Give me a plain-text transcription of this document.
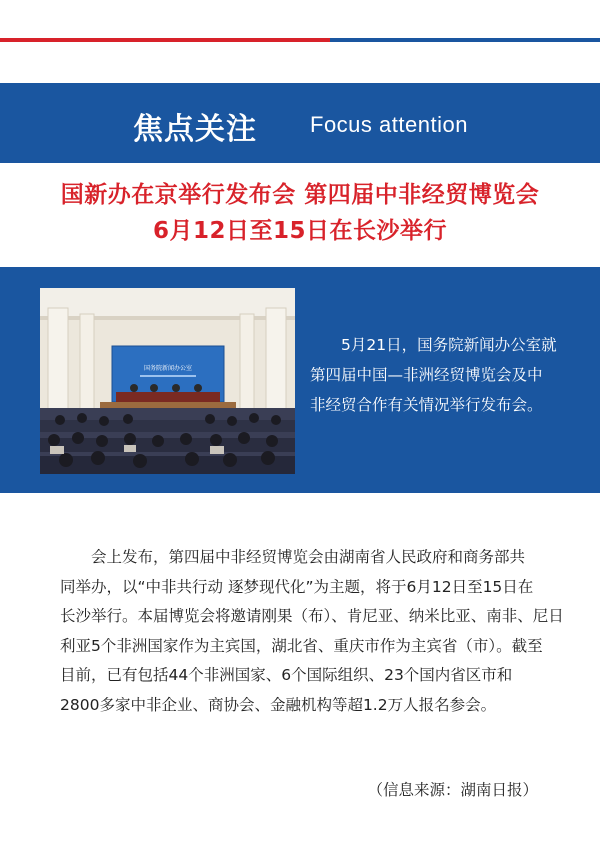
焦点关注 Focus attention
国新办在京举行发布会 第四届中非经贸博览会
6月12日至15日在长沙举行
国务院新闻办公室
5月21日，国务院新闻办公室就
第四届中国—非洲经贸博览会及中
非经贸合作有关情况举行发布会。
会上发布，第四届中非经贸博览会由湖南省人民政府和商务部共
同举办，以“中非共行动 逐梦现代化”为主题，将于6月12日至15日在
长沙举行。本届博览会将邀请刚果（布）、肯尼亚、纳米比亚、南非、尼日
利亚5个非洲国家作为主宾国，湖北省、重庆市作为主宾省（市）。截至
目前，已有包括44个非洲国家、6个国际组织、23个国内省区市和
2800多家中非企业、商协会、金融机构等超1.2万人报名参会。
（信息来源：湖南日报）
